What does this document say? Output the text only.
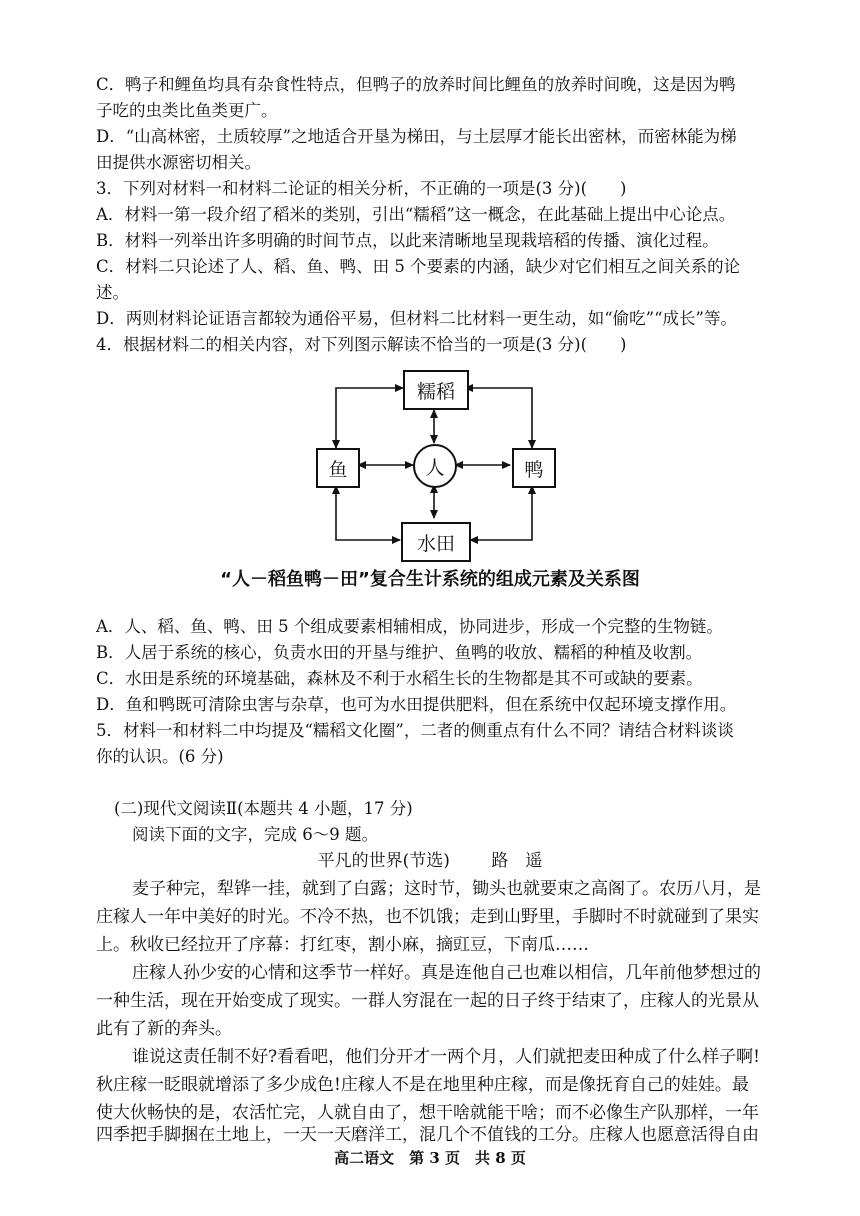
C．鸭子和鲤鱼均具有杂食性特点，但鸭子的放养时间比鲤鱼的放养时间晚，这是因为鸭
子吃的虫类比鱼类更广。
D．“山高林密，土质较厚”之地适合开垦为梯田，与土层厚才能长出密林，而密林能为梯
田提供水源密切相关。
3．下列对材料一和材料二论证的相关分析，不正确的一项是(3 分)(　　)
A．材料一第一段介绍了稻米的类别，引出“糯稻”这一概念，在此基础上提出中心论点。
B．材料一列举出许多明确的时间节点，以此来清晰地呈现栽培稻的传播、演化过程。
C．材料二只论述了人、稻、鱼、鸭、田 5 个要素的内涵，缺少对它们相互之间关系的论
述。
D．两则材料论证语言都较为通俗平易，但材料二比材料一更生动，如“偷吃”“成长”等。
4．根据材料二的相关内容，对下列图示解读不恰当的一项是(3 分)(　　)
糯稻
鱼	人	鸭
水田
“人－稻鱼鸭－田”复合生计系统的组成元素及关系图
A．人、稻、鱼、鸭、田 5 个组成要素相辅相成，协同进步，形成一个完整的生物链。
B．人居于系统的核心，负责水田的开垦与维护、鱼鸭的收放、糯稻的种植及收割。
C．水田是系统的环境基础，森林及不利于水稻生长的生物都是其不可或缺的要素。
D．鱼和鸭既可清除虫害与杂草，也可为水田提供肥料，但在系统中仅起环境支撑作用。
5．材料一和材料二中均提及“糯稻文化圈”，二者的侧重点有什么不同？请结合材料谈谈
你的认识。(6 分)
(二)现代文阅读Ⅱ(本题共 4 小题，17 分)
阅读下面的文字，完成 6～9 题。
平凡的世界(节选) 路　遥
麦子种完，犁铧一挂，就到了白露；这时节，锄头也就要束之高阁了。农历八月，是
庄稼人一年中美好的时光。不冷不热，也不饥饿；走到山野里，手脚时不时就碰到了果实
上。秋收已经拉开了序幕：打红枣，割小麻，摘豇豆，下南瓜……
庄稼人孙少安的心情和这季节一样好。真是连他自己也难以相信，几年前他梦想过的
一种生活，现在开始变成了现实。一群人穷混在一起的日子终于结束了，庄稼人的光景从
此有了新的奔头。
谁说这责任制不好?看看吧，他们分开才一两个月，人们就把麦田种成了什么样子啊!
秋庄稼一眨眼就增添了多少成色!庄稼人不是在地里种庄稼，而是像抚育自己的娃娃。最
使大伙畅快的是，农活忙完，人就自由了，想干啥就能干啥；而不必像生产队那样，一年
四季把手脚捆在土地上，一天一天磨洋工，混几个不值钱的工分。庄稼人也愿意活得自由
高二语文　第 3 页　共 8 页
